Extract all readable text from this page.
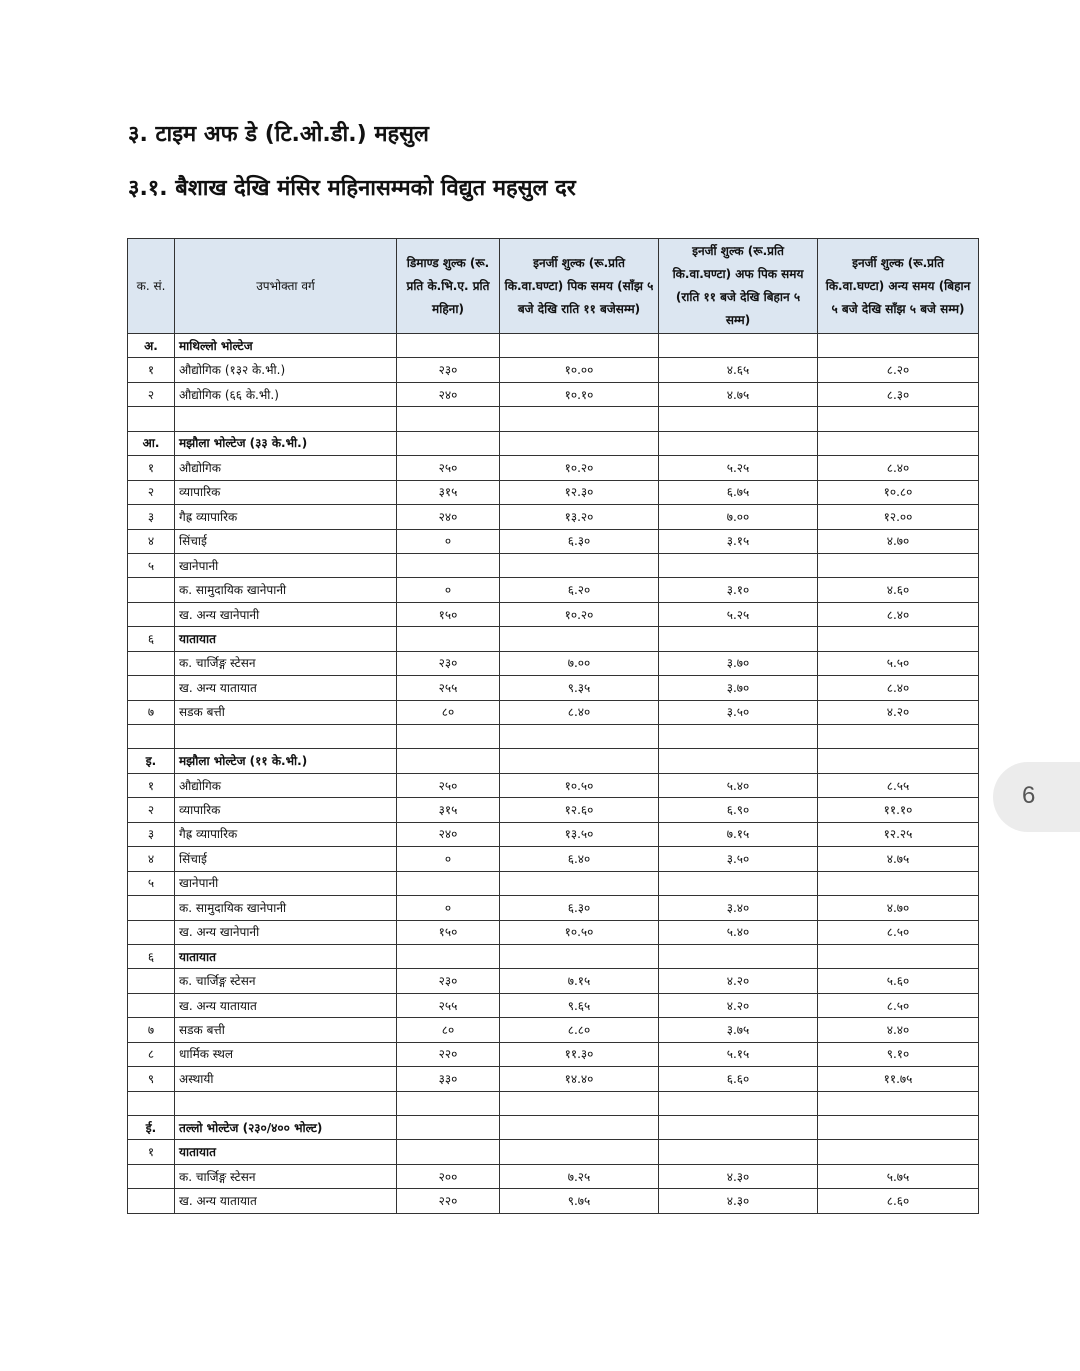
३. टाइम अफ डे (टि.ओ.डी.) महसुल
३.१. बैशाख देखि मंसिर महिनासम्मको विद्युत महसुल दर
क. सं.	उपभोक्ता वर्ग	डिमाण्ड शुल्क (रू. प्रति के.भि.ए. प्रति महिना)	इनर्जी शुल्क (रू.प्रति कि.वा.घण्टा) पिक समय (साँझ ५ बजे देखि राति ११ बजेसम्म)	इनर्जी शुल्क (रू.प्रति कि.वा.घण्टा) अफ पिक समय (राति ११ बजे देखि बिहान ५ सम्म)	इनर्जी शुल्क (रू.प्रति कि.वा.घण्टा) अन्य समय (बिहान ५ बजे देखि साँझ ५ बजे सम्म)
अ.	माथिल्लो भोल्टेज				
१	औद्योगिक (१३२ के.भी.)	२३०	१०.००	४.६५	८.२०
२	औद्योगिक (६६ के.भी.)	२४०	१०.१०	४.७५	८.३०

आ.	मझौला भोल्टेज (३३ के.भी.)				
१	औद्योगिक	२५०	१०.२०	५.२५	८.४०
२	व्यापारिक	३१५	१२.३०	६.७५	१०.८०
३	गैह्र व्यापारिक	२४०	१३.२०	७.००	१२.००
४	सिंचाई	०	६.३०	३.१५	४.७०
५	खानेपानी				
	क. सामुदायिक खानेपानी	०	६.२०	३.१०	४.६०
	ख. अन्य खानेपानी	१५०	१०.२०	५.२५	८.४०
६	यातायात				
	क. चार्जिङ्ग स्टेसन	२३०	७.००	३.७०	५.५०
	ख. अन्य यातायात	२५५	९.३५	३.७०	८.४०
७	सडक बत्ती	८०	८.४०	३.५०	४.२०

इ.	मझौला भोल्टेज (११ के.भी.)				
१	औद्योगिक	२५०	१०.५०	५.४०	८.५५
२	व्यापारिक	३१५	१२.६०	६.९०	११.१०
३	गैह्र व्यापारिक	२४०	१३.५०	७.१५	१२.२५
४	सिंचाई	०	६.४०	३.५०	४.७५
५	खानेपानी				
	क. सामुदायिक खानेपानी	०	६.३०	३.४०	४.७०
	ख. अन्य खानेपानी	१५०	१०.५०	५.४०	८.५०
६	यातायात				
	क. चार्जिङ्ग स्टेसन	२३०	७.१५	४.२०	५.६०
	ख. अन्य यातायात	२५५	९.६५	४.२०	८.५०
७	सडक बत्ती	८०	८.८०	३.७५	४.४०
८	धार्मिक स्थल	२२०	११.३०	५.१५	९.१०
९	अस्थायी	३३०	१४.४०	६.६०	११.७५

ई.	तल्लो भोल्टेज (२३०/४०० भोल्ट)				
१	यातायात				
	क. चार्जिङ्ग स्टेसन	२००	७.२५	४.३०	५.७५
	ख. अन्य यातायात	२२०	९.७५	४.३०	८.६०
6
